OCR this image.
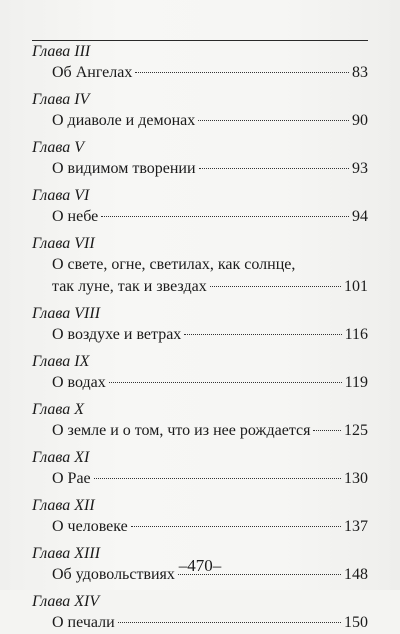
Глава III
Об Ангелах	83
Глава IV
О диаволе и демонах	90
Глава V
О видимом творении	93
Глава VI
О небе	94
Глава VII
О свете, огне, светилах, как солнце,
так луне, так и звездах	101
Глава VIII
О воздухе и ветрах	116
Глава IX
О водах	119
Глава X
О земле и о том, что из нее рождается 125
Глава XI
О Рае	130
Глава XII
О человеке	137
Глава XIII
Об удовольствиях	148
Глава XIV
О печали	150
–470–
